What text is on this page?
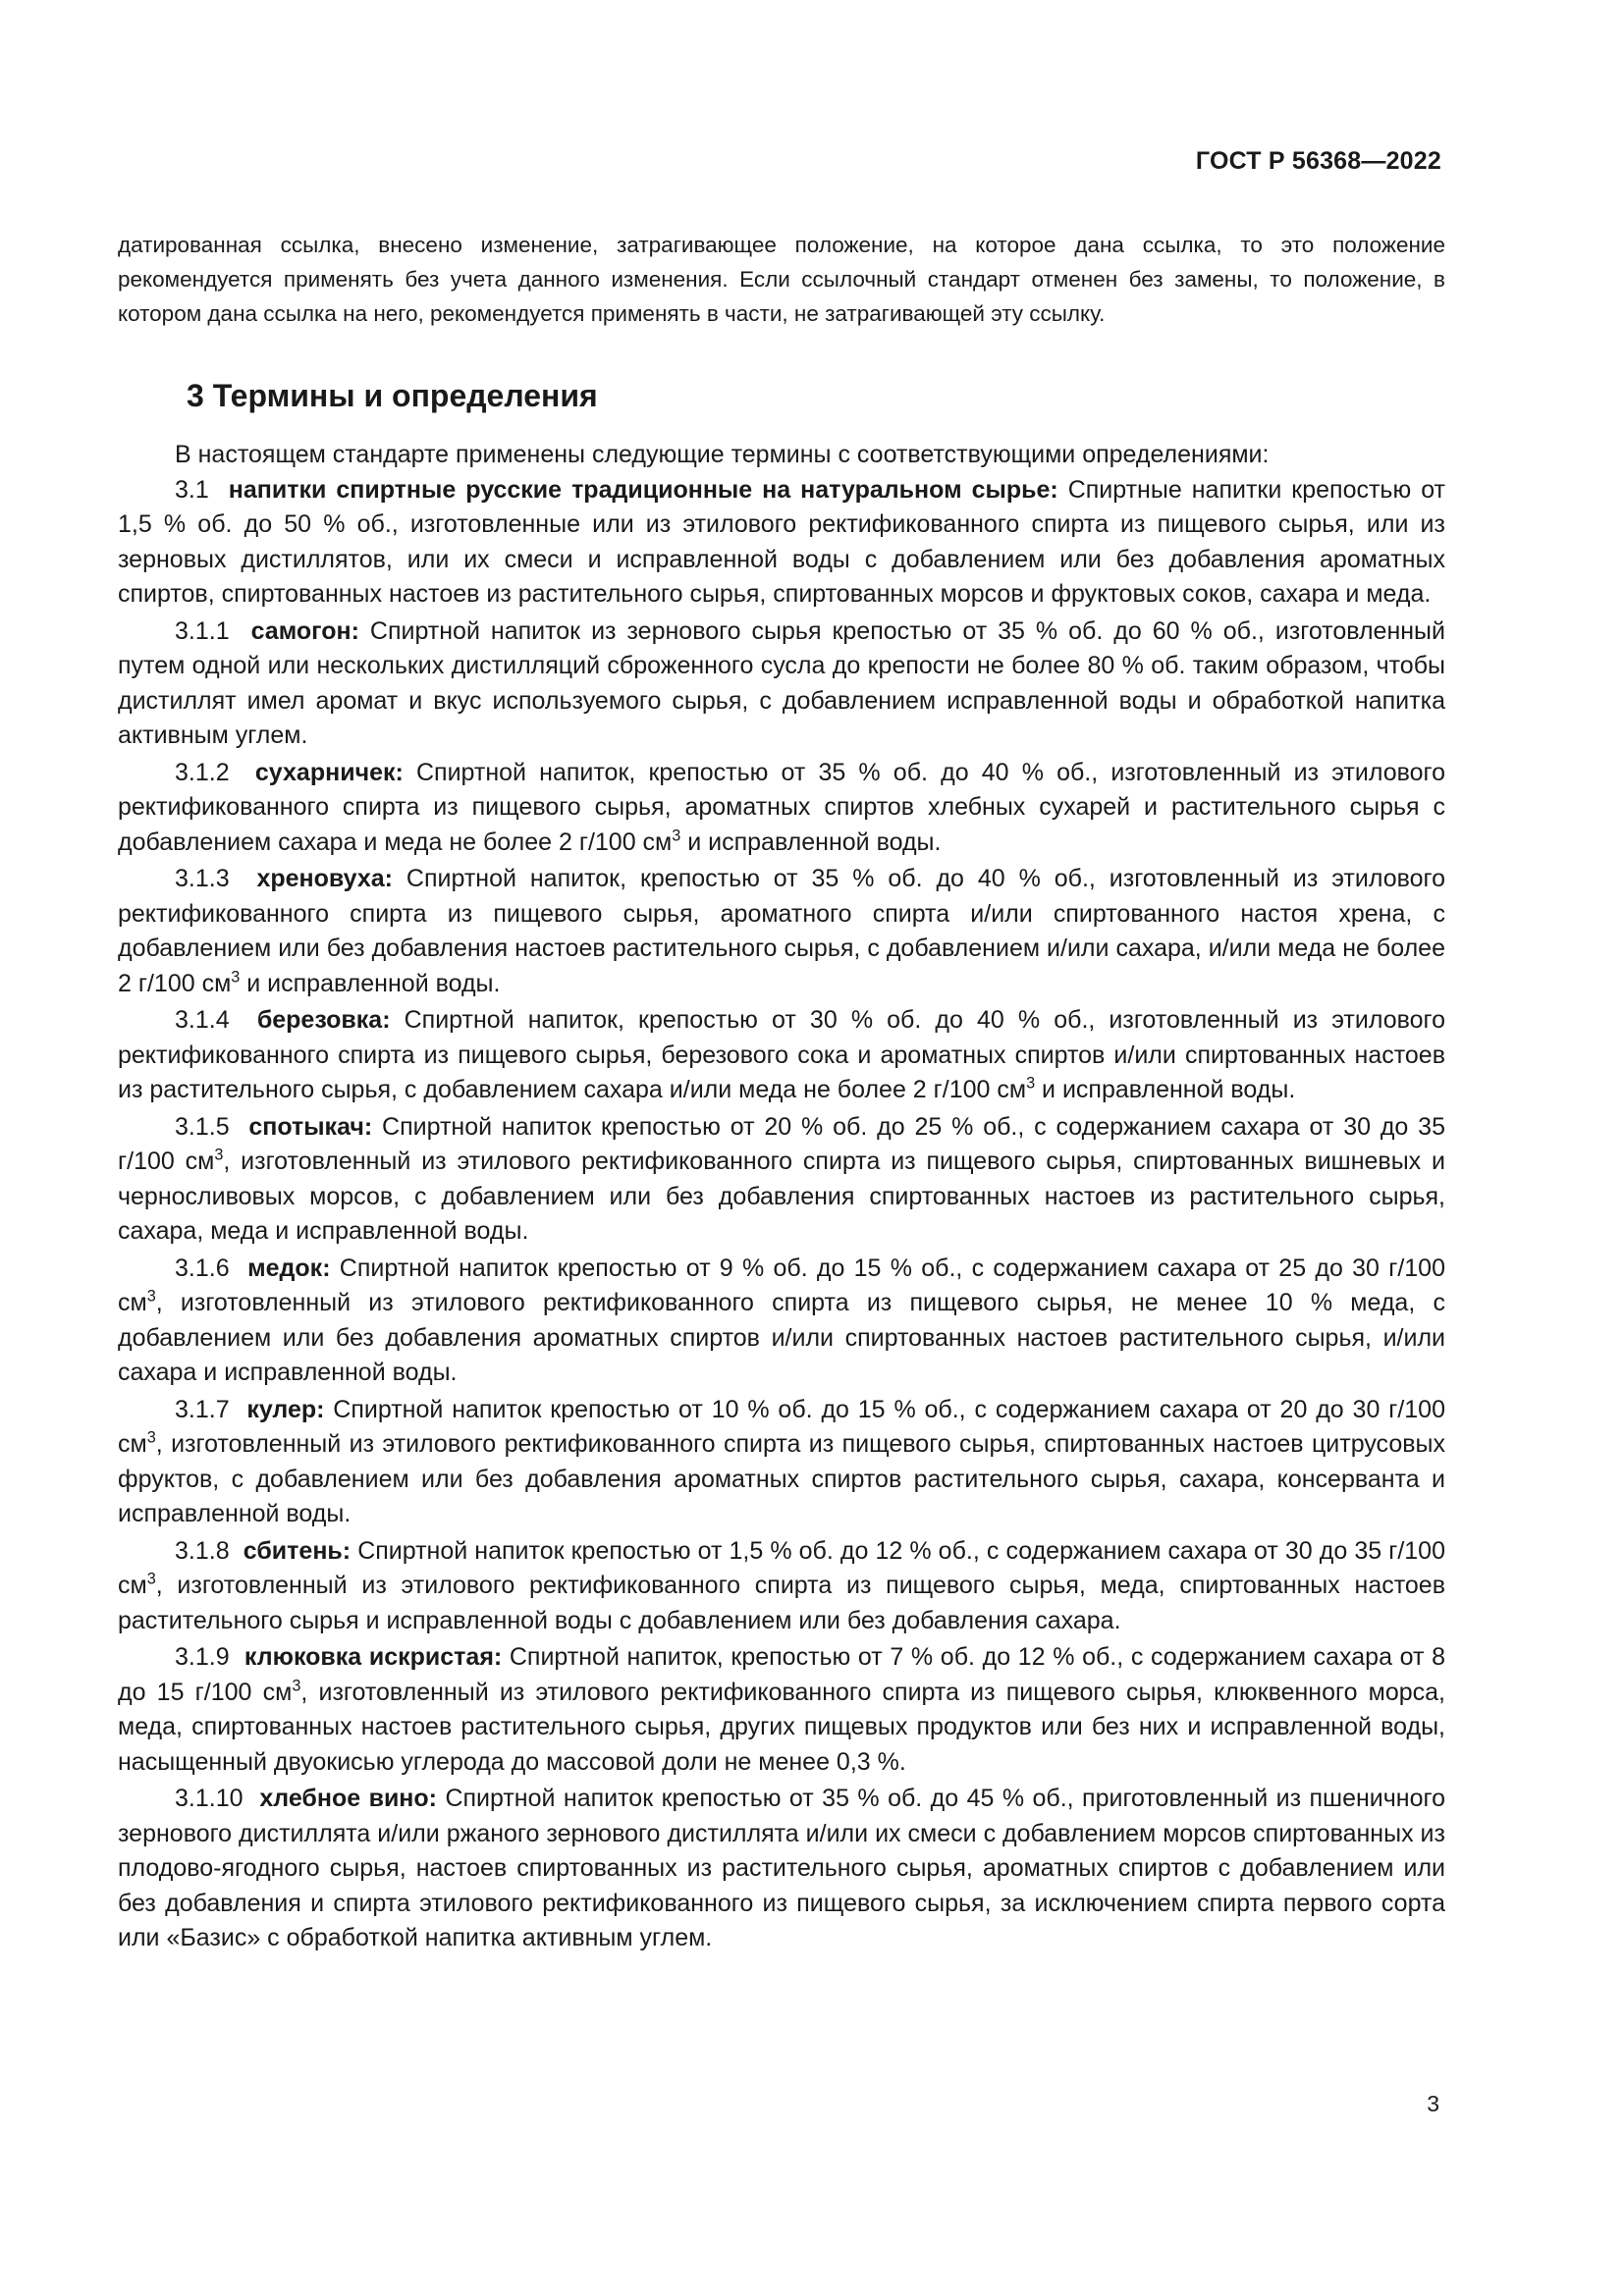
ГОСТ Р 56368—2022
датированная ссылка, внесено изменение, затрагивающее положение, на которое дана ссылка, то это положение рекомендуется применять без учета данного изменения. Если ссылочный стандарт отменен без замены, то положение, в котором дана ссылка на него, рекомендуется применять в части, не затрагивающей эту ссылку.
3 Термины и определения

В настоящем стандарте применены следующие термины с соответствующими определениями:

3.1 напитки спиртные русские традиционные на натуральном сырье: Спиртные напитки крепостью от 1,5 % об. до 50 % об., изготовленные или из этилового ректификованного спирта из пищевого сырья, или из зерновых дистиллятов, или их смеси и исправленной воды с добавлением или без добавления ароматных спиртов, спиртованных настоев из растительного сырья, спиртованных морсов и фруктовых соков, сахара и меда.

3.1.1 самогон: Спиртной напиток из зернового сырья крепостью от 35 % об. до 60 % об., изготовленный путем одной или нескольких дистилляций сброженного сусла до крепости не более 80 % об. таким образом, чтобы дистиллят имел аромат и вкус используемого сырья, с добавлением исправленной воды и обработкой напитка активным углем.

3.1.2 сухарничек: Спиртной напиток, крепостью от 35 % об. до 40 % об., изготовленный из этилового ректификованного спирта из пищевого сырья, ароматных спиртов хлебных сухарей и растительного сырья с добавлением сахара и меда не более 2 г/100 $см^3$ и исправленной воды.

3.1.3 хреновуха: Спиртной напиток, крепостью от 35 % об. до 40 % об., изготовленный из этилового ректификованного спирта из пищевого сырья, ароматного спирта и/или спиртованного настоя хрена, с добавлением или без добавления настоев растительного сырья, с добавлением и/или сахара, и/или меда не более 2 г/100 $см^3$ и исправленной воды.

3.1.4 березовка: Спиртной напиток, крепостью от 30 % об. до 40 % об., изготовленный из этилового ректификованного спирта из пищевого сырья, березового сока и ароматных спиртов и/или спиртованных настоев из растительного сырья, с добавлением сахара и/или меда не более 2 г/100 $см^3$ и исправленной воды.

3.1.5 спотыкач: Спиртной напиток крепостью от 20 % об. до 25 % об., с содержанием сахара от 30 до 35 г/100 $см^3$, изготовленный из этилового ректификованного спирта из пищевого сырья, спиртованных вишневых и черносливовых морсов, с добавлением или без добавления спиртованных настоев из растительного сырья, сахара, меда и исправленной воды.

3.1.6 медок: Спиртной напиток крепостью от 9 % об. до 15 % об., с содержанием сахара от 25 до 30 г/100 $см^3$, изготовленный из этилового ректификованного спирта из пищевого сырья, не менее 10 % меда, с добавлением или без добавления ароматных спиртов и/или спиртованных настоев растительного сырья, и/или сахара и исправленной воды.

3.1.7 кулер: Спиртной напиток крепостью от 10 % об. до 15 % об., с содержанием сахара от 20 до 30 г/100 $см^3$, изготовленный из этилового ректификованного спирта из пищевого сырья, спиртованных настоев цитрусовых фруктов, с добавлением или без добавления ароматных спиртов растительного сырья, сахара, консерванта и исправленной воды.

3.1.8 сбитень: Спиртной напиток крепостью от 1,5 % об. до 12 % об., с содержанием сахара от 30 до 35 г/100 $см^3$, изготовленный из этилового ректификованного спирта из пищевого сырья, меда, спиртованных настоев растительного сырья и исправленной воды с добавлением или без добавления сахара.

3.1.9 клюковка искристая: Спиртной напиток, крепостью от 7 % об. до 12 % об., с содержанием сахара от 8 до 15 г/100 $см^3$, изготовленный из этилового ректификованного спирта из пищевого сырья, клюквенного морса, меда, спиртованных настоев растительного сырья, других пищевых продуктов или без них и исправленной воды, насыщенный двуокисью углерода до массовой доли не менее 0,3 %.

3.1.10 хлебное вино: Спиртной напиток крепостью от 35 % об. до 45 % об., приготовленный из пшеничного зернового дистиллята и/или ржаного зернового дистиллята и/или их смеси с добавлением морсов спиртованных из плодово-ягодного сырья, настоев спиртованных из растительного сырья, ароматных спиртов с добавлением или без добавления и спирта этилового ректификованного из пищевого сырья, за исключением спирта первого сорта или «Базис» с обработкой напитка активным углем.

3
